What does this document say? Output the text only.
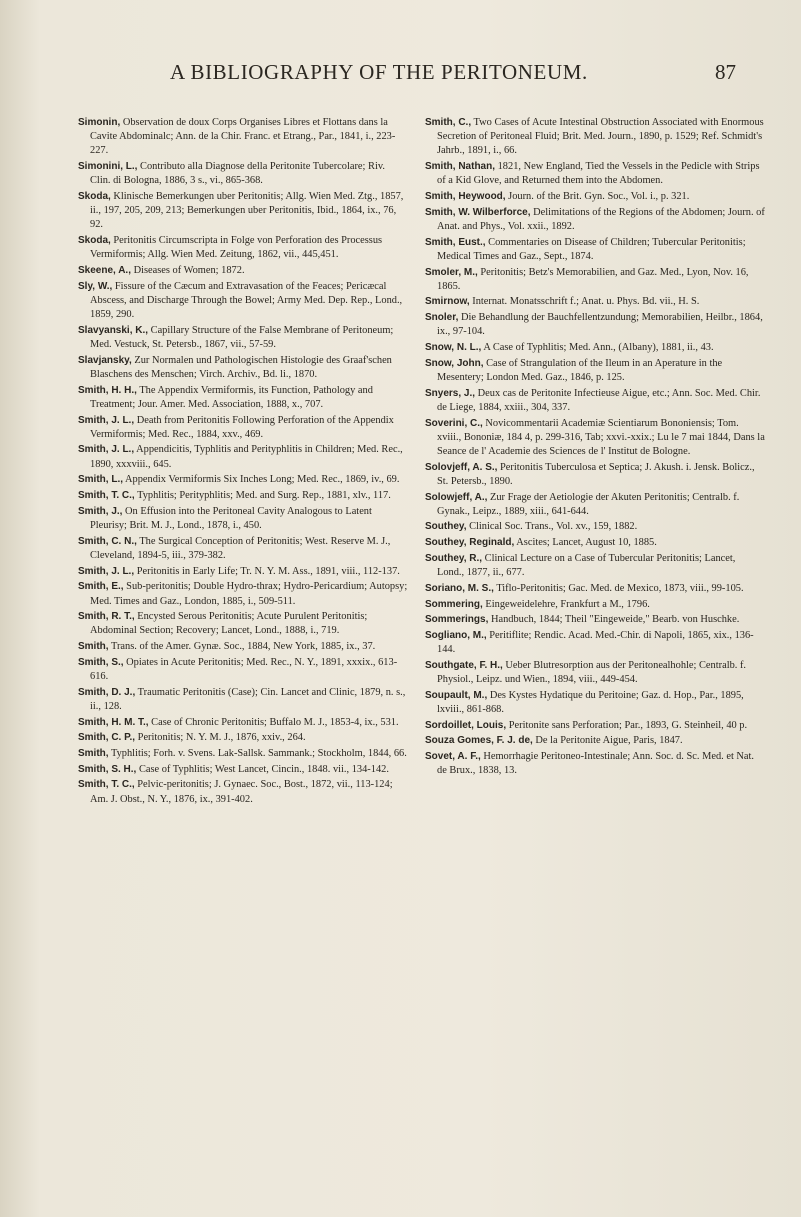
A BIBLIOGRAPHY OF THE PERITONEUM.	87

Simonin, Observation de doux Corps Organises Libres et Flottans dans la Cavite Abdominalc; Ann. de la Chir. Franc. et Etrang., Par., 1841, i., 223-227.

Simonini, L., Contributo alla Diagnose della Peritonite Tubercolare; Riv. Clin. di Bologna, 1886, 3 s., vi., 865-368.

Skoda, Klinische Bemerkungen uber Peritonitis; Allg. Wien Med. Ztg., 1857, ii., 197, 205, 209, 213; Bemerkungen uber Peritonitis, Ibid., 1864, ix., 76, 92.

Skoda, Peritonitis Circumscripta in Folge von Perforation des Processus Vermiformis; Allg. Wien Med. Zeitung, 1862, vii., 445,451.

Skeene, A., Diseases of Women; 1872.

Sly, W., Fissure of the Cæcum and Extravasation of the Feaces; Pericæcal Abscess, and Discharge Through the Bowel; Army Med. Dep. Rep., Lond., 1859, 290.

Slavyanski, K., Capillary Structure of the False Membrane of Peritoneum; Med. Vestuck, St. Petersb., 1867, vii., 57-59.

Slavjansky, Zur Normalen und Pathologischen Histologie des Graaf'schen Blaschens des Menschen; Virch. Archiv., Bd. li., 1870.

Smith, H. H., The Appendix Vermiformis, its Function, Pathology and Treatment; Jour. Amer. Med. Association, 1888, x., 707.

Smith, J. L., Death from Peritonitis Following Perforation of the Appendix Vermiformis; Med. Rec., 1884, xxv., 469.

Smith, J. L., Appendicitis, Typhlitis and Perityphlitis in Children; Med. Rec., 1890, xxxviii., 645.

Smith, L., Appendix Vermiformis Six Inches Long; Med. Rec., 1869, iv., 69.

Smith, T. C., Typhlitis; Perityphlitis; Med. and Surg. Rep., 1881, xlv., 117.

Smith, J., On Effusion into the Peritoneal Cavity Analogous to Latent Pleurisy; Brit. M. J., Lond., 1878, i., 450.

Smith, C. N., The Surgical Conception of Peritonitis; West. Reserve M. J., Cleveland, 1894-5, iii., 379-382.

Smith, J. L., Peritonitis in Early Life; Tr. N. Y. M. Ass., 1891, viii., 112-137.

Smith, E., Sub-peritonitis; Double Hydro-thrax; Hydro-Pericardium; Autopsy; Med. Times and Gaz., London, 1885, i., 509-511.

Smith, R. T., Encysted Serous Peritonitis; Acute Purulent Peritonitis; Abdominal Section; Recovery; Lancet, Lond., 1888, i., 719.

Smith, Trans. of the Amer. Gynæ. Soc., 1884, New York, 1885, ix., 37.

Smith, S., Opiates in Acute Peritonitis; Med. Rec., N. Y., 1891, xxxix., 613-616.

Smith, D. J., Traumatic Peritonitis (Case); Cin. Lancet and Clinic, 1879, n. s., ii., 128.

Smith, H. M. T., Case of Chronic Peritonitis; Buffalo M. J., 1853-4, ix., 531.

Smith, C. P., Peritonitis; N. Y. M. J., 1876, xxiv., 264.

Smith, Typhlitis; Forh. v. Svens. Lak-Sallsk. Sammank.; Stockholm, 1844, 66.

Smith, S. H., Case of Typhlitis; West Lancet, Cincin., 1848. vii., 134-142.

Smith, T. C., Pelvic-peritonitis; J. Gynaec. Soc., Bost., 1872, vii., 113-124; Am. J. Obst., N. Y., 1876, ix., 391-402.

Smith, C., Two Cases of Acute Intestinal Obstruction Associated with Enormous Secretion of Peritoneal Fluid; Brit. Med. Journ., 1890, p. 1529; Ref. Schmidt's Jahrb., 1891, i., 66.

Smith, Nathan, 1821, New England, Tied the Vessels in the Pedicle with Strips of a Kid Glove, and Returned them into the Abdomen.

Smith, Heywood, Journ. of the Brit. Gyn. Soc., Vol. i., p. 321.

Smith, W. Wilberforce, Delimitations of the Regions of the Abdomen; Journ. of Anat. and Phys., Vol. xxii., 1892.

Smith, Eust., Commentaries on Disease of Children; Tubercular Peritonitis; Medical Times and Gaz., Sept., 1874.

Smoler, M., Peritonitis; Betz's Memorabilien, and Gaz. Med., Lyon, Nov. 16, 1865.

Smirnow, Internat. Monatsschrift f.; Anat. u. Phys. Bd. vii., H. S.

Snoler, Die Behandlung der Bauchfellentzundung; Memorabilien, Heilbr., 1864, ix., 97-104.

Snow, N. L., A Case of Typhlitis; Med. Ann., (Albany), 1881, ii., 43.

Snow, John, Case of Strangulation of the Ileum in an Aperature in the Mesentery; London Med. Gaz., 1846, p. 125.

Snyers, J., Deux cas de Peritonite Infectieuse Aigue, etc.; Ann. Soc. Med. Chir. de Liege, 1884, xxiii., 304, 337.

Soverini, C., Novicommentarii Academiæ Scientiarum Bononiensis; Tom. xviii., Bononiæ, 184 4, p. 299-316, Tab; xxvi.-xxix.; Lu le 7 mai 1844, Dans la Seance de l' Academie des Sciences de l' Institut de Bologne.

Solovjeff, A. S., Peritonitis Tuberculosa et Septica; J. Akush. i. Jensk. Bolicz., St. Petersb., 1890.

Solowjeff, A., Zur Frage der Aetiologie der Akuten Peritonitis; Centralb. f. Gynak., Leipz., 1889, xiii., 641-644.

Southey, Clinical Soc. Trans., Vol. xv., 159, 1882.

Southey, Reginald, Ascites; Lancet, August 10, 1885.

Southey, R., Clinical Lecture on a Case of Tubercular Peritonitis; Lancet, Lond., 1877, ii., 677.

Soriano, M. S., Tiflo-Peritonitis; Gac. Med. de Mexico, 1873, viii., 99-105.

Sommering, Eingeweidelehre, Frankfurt a M., 1796.

Sommerings, Handbuch, 1844; Theil "Eingeweide," Bearb. von Huschke.

Sogliano, M., Peritiflite; Rendic. Acad. Med.-Chir. di Napoli, 1865, xix., 136-144.

Southgate, F. H., Ueber Blutresorption aus der Peritonealhohle; Centralb. f. Physiol., Leipz. und Wien., 1894, viii., 449-454.

Soupault, M., Des Kystes Hydatique du Peritoine; Gaz. d. Hop., Par., 1895, lxviii., 861-868.

Sordoillet, Louis, Peritonite sans Perforation; Par., 1893, G. Steinheil, 40 p.

Souza Gomes, F. J. de, De la Peritonite Aigue, Paris, 1847.

Sovet, A. F., Hemorrhagie Peritoneo-Intestinale; Ann. Soc. d. Sc. Med. et Nat. de Brux., 1838, 13.
